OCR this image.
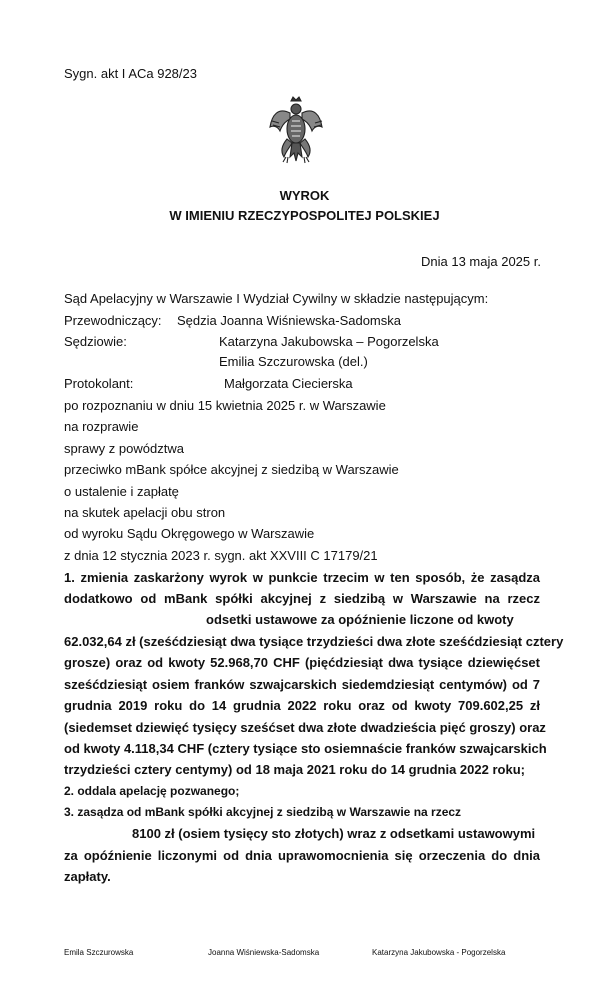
Sygn. akt I ACa 928/23
WYROK
W IMIENIU RZECZYPOSPOLITEJ POLSKIEJ
Dnia 13 maja 2025 r.
Sąd Apelacyjny w Warszawie I Wydział Cywilny w składzie następującym:
Przewodniczący: Sędzia Joanna Wiśniewska-Sadomska
Sędziowie:	Katarzyna Jakubowska – Pogorzelska
Emilia Szczurowska (del.)
Protokolant:	Małgorzata Ciecierska
po rozpoznaniu w dniu 15 kwietnia 2025 r. w Warszawie
na rozprawie
sprawy z powództwa
przeciwko mBank spółce akcyjnej z siedzibą w Warszawie
o ustalenie i zapłatę
na skutek apelacji obu stron
od wyroku Sądu Okręgowego w Warszawie
z dnia 12 stycznia 2023 r. sygn. akt XXVIII C 17179/21
1. zmienia zaskarżony wyrok w punkcie trzecim w ten sposób, że zasądza
dodatkowo od mBank spółki akcyjnej z siedzibą w Warszawie na rzecz
odsetki ustawowe za opóźnienie liczone od kwoty
62.032,64 zł (sześćdziesiąt dwa tysiące trzydzieści dwa złote sześćdziesiąt cztery
grosze) oraz od kwoty 52.968,70 CHF (pięćdziesiąt dwa tysiące dziewięćset
sześćdziesiąt osiem franków szwajcarskich siedemdziesiąt centymów) od 7
grudnia 2019 roku do 14 grudnia 2022 roku oraz od kwoty 709.602,25 zł
(siedemset dziewięć tysięcy sześćset dwa złote dwadzieścia pięć groszy) oraz
od kwoty 4.118,34 CHF (cztery tysiące sto osiemnaście franków szwajcarskich
trzydzieści cztery centymy) od 18 maja 2021 roku do 14 grudnia 2022 roku;
2. oddala apelację pozwanego;
3. zasądza od mBank spółki akcyjnej z siedzibą w Warszawie na rzecz
8100 zł (osiem tysięcy sto złotych) wraz z odsetkami ustawowymi
za opóźnienie liczonymi od dnia uprawomocnienia się orzeczenia do dnia
zapłaty.
Emila Szczurowska	Joanna Wiśniewska-Sadomska	Katarzyna Jakubowska - Pogorzelska
